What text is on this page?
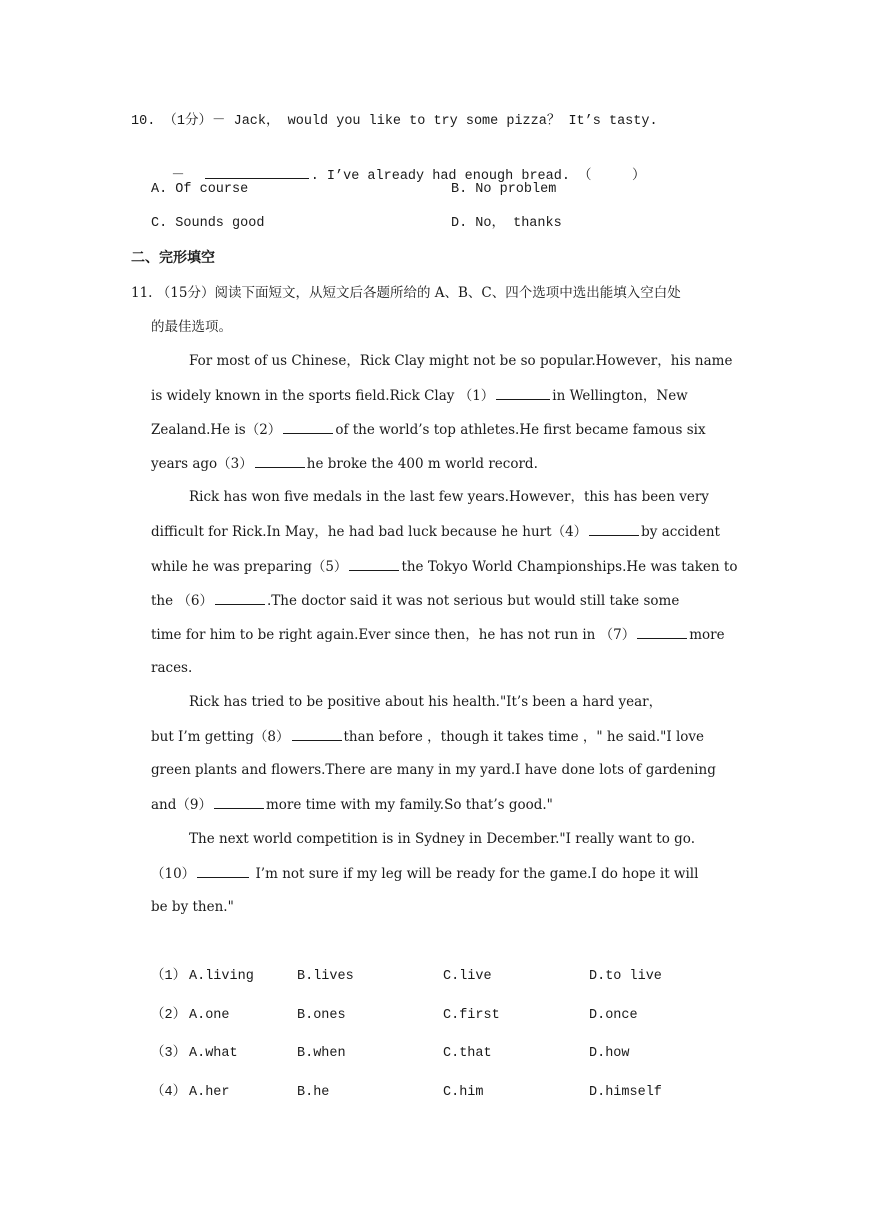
10. （1分）－ Jack， would you like to try some pizza？ It’s tasty.

－	. I’ve already had enough bread. （     ）

A. Of course	B. No problem
C. Sounds good	D. No， thanks
二、完形填空
11. （15分）阅读下面短文，从短文后各题所给的 A、B、C、四个选项中选出能填入空白处
的最佳选项。
For most of us Chinese，Rick Clay might not be so popular.However，his name
is widely known in the sports field.Rick Clay （1）	in Wellington，New
Zealand.He is（2）	of the world’s top athletes.He first became famous six
years ago（3）	he broke the 400 m world record.
Rick has won five medals in the last few years.However，this has been very
difficult for Rick.In May，he had bad luck because he hurt（4）	by accident
while he was preparing（5）	the Tokyo World Championships.He was taken to
the （6）	.The doctor said it was not serious but would still take some
time for him to be right again.Ever since then，he has not run in （7）	more
races.
Rick has tried to be positive about his health."It’s been a hard year，
but I’m getting（8）	than before ，though it takes time ，" he said."I love
green plants and flowers.There are many in my yard.I have done lots of gardening
and（9）	more time with my family.So that’s good."
The next world competition is in Sydney in December."I really want to go.
（10）	I’m not sure if my leg will be ready for the game.I do hope it will
be by then."
（1） A.living	B.lives	C.live	D.to live
（2） A.one	B.ones	C.first	D.once
（3） A.what	B.when	C.that	D.how
（4） A.her	B.he	C.him	D.himself
